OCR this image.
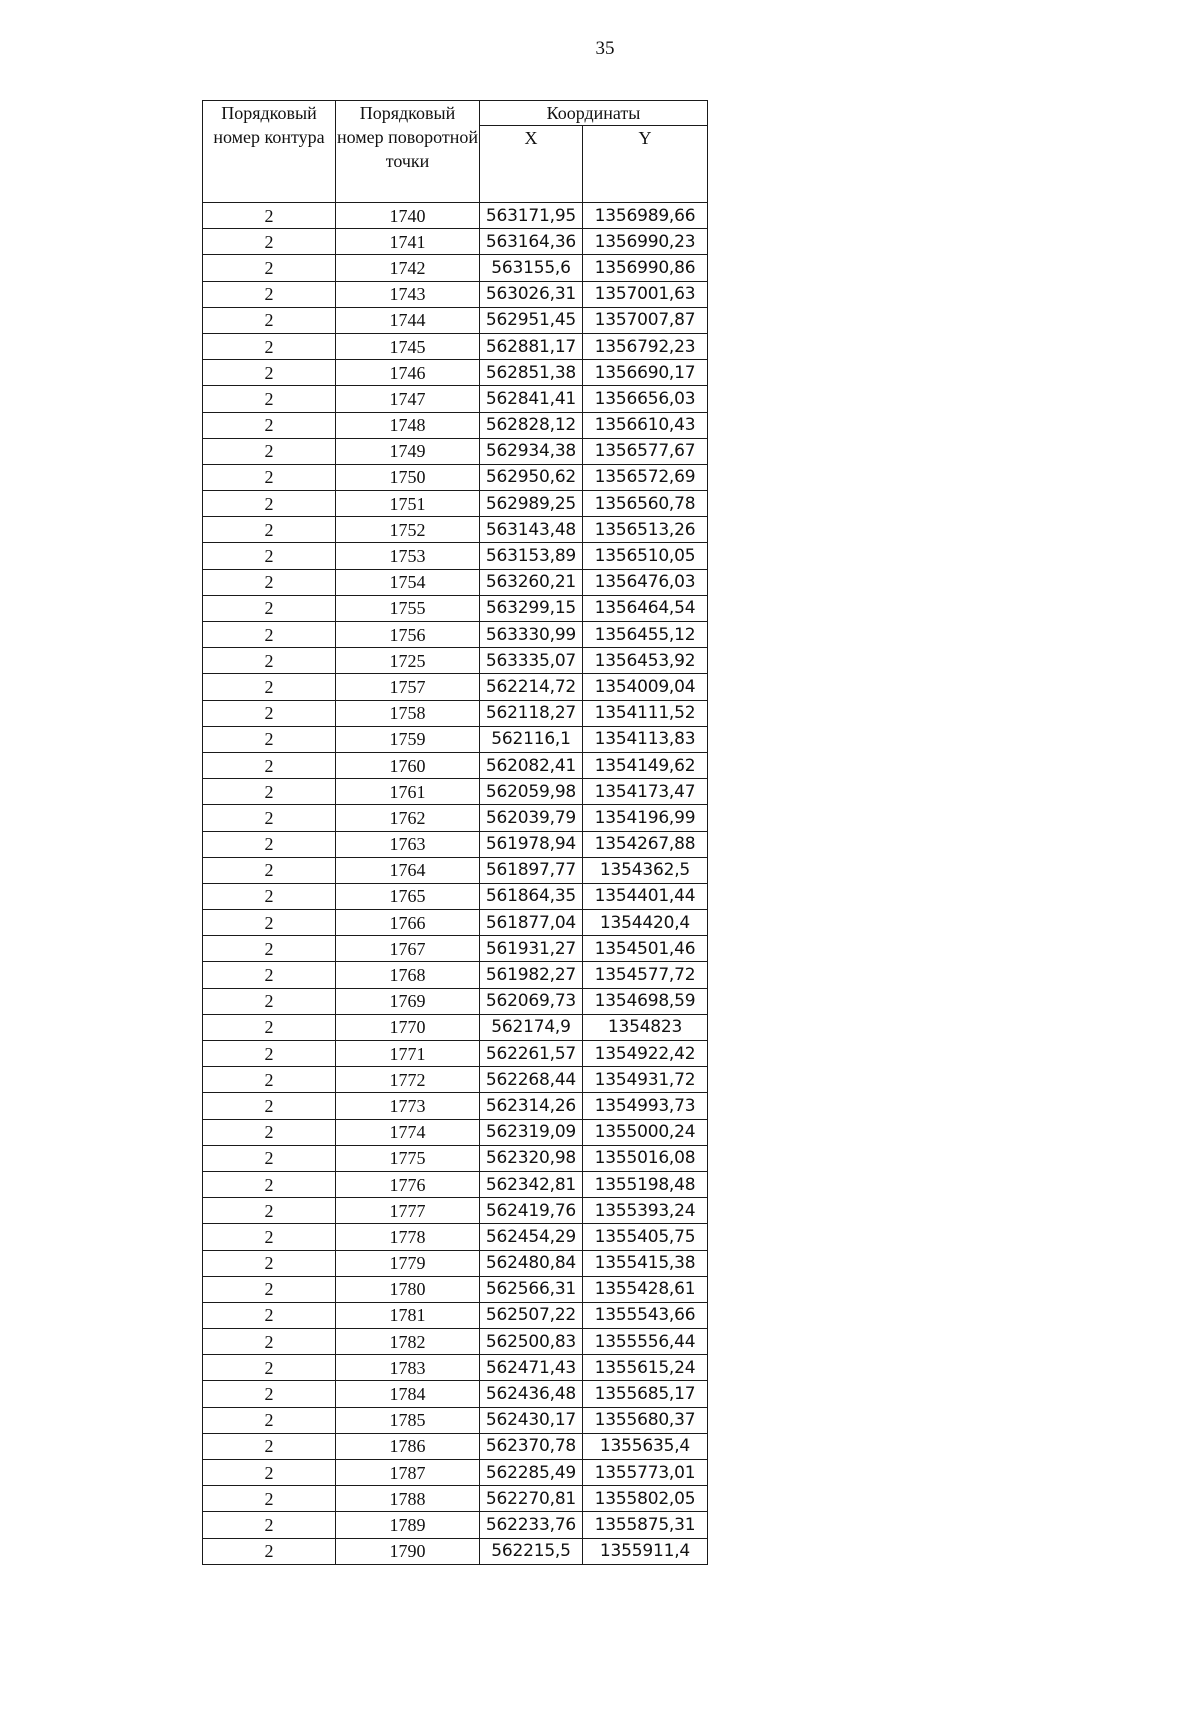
35
Порядковый номер контура	Порядковый номер поворотной точки	Координаты	
		X	Y
2	1740	563171,95	1356989,66
2	1741	563164,36	1356990,23
2	1742	563155,6	1356990,86
2	1743	563026,31	1357001,63
2	1744	562951,45	1357007,87
2	1745	562881,17	1356792,23
2	1746	562851,38	1356690,17
2	1747	562841,41	1356656,03
2	1748	562828,12	1356610,43
2	1749	562934,38	1356577,67
2	1750	562950,62	1356572,69
2	1751	562989,25	1356560,78
2	1752	563143,48	1356513,26
2	1753	563153,89	1356510,05
2	1754	563260,21	1356476,03
2	1755	563299,15	1356464,54
2	1756	563330,99	1356455,12
2	1725	563335,07	1356453,92
2	1757	562214,72	1354009,04
2	1758	562118,27	1354111,52
2	1759	562116,1	1354113,83
2	1760	562082,41	1354149,62
2	1761	562059,98	1354173,47
2	1762	562039,79	1354196,99
2	1763	561978,94	1354267,88
2	1764	561897,77	1354362,5
2	1765	561864,35	1354401,44
2	1766	561877,04	1354420,4
2	1767	561931,27	1354501,46
2	1768	561982,27	1354577,72
2	1769	562069,73	1354698,59
2	1770	562174,9	1354823
2	1771	562261,57	1354922,42
2	1772	562268,44	1354931,72
2	1773	562314,26	1354993,73
2	1774	562319,09	1355000,24
2	1775	562320,98	1355016,08
2	1776	562342,81	1355198,48
2	1777	562419,76	1355393,24
2	1778	562454,29	1355405,75
2	1779	562480,84	1355415,38
2	1780	562566,31	1355428,61
2	1781	562507,22	1355543,66
2	1782	562500,83	1355556,44
2	1783	562471,43	1355615,24
2	1784	562436,48	1355685,17
2	1785	562430,17	1355680,37
2	1786	562370,78	1355635,4
2	1787	562285,49	1355773,01
2	1788	562270,81	1355802,05
2	1789	562233,76	1355875,31
2	1790	562215,5	1355911,4
